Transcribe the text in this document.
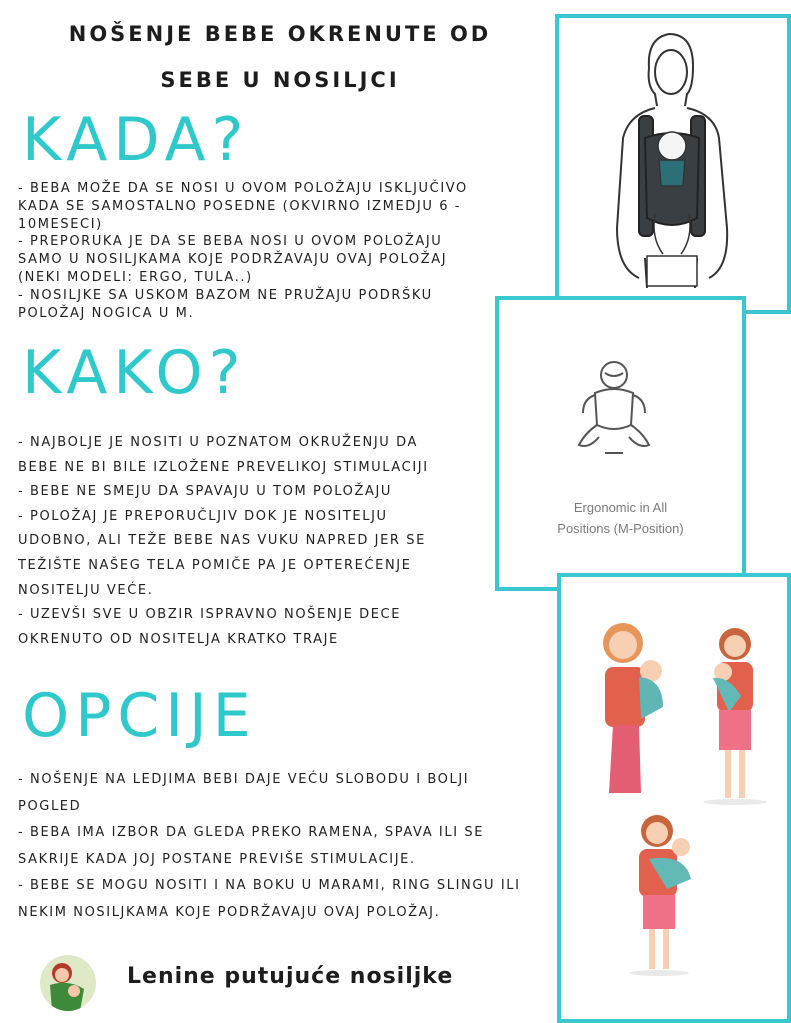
NOŠENJE BEBE OKRENUTE OD
SEBE U NOSILJCI
KADA?
- BEBA MOŽE DA SE NOSI U OVOM POLOŽAJU ISKLJUČIVO
KADA SE SAMOSTALNO POSEDNE (OKVIRNO IZMEDJU 6 -
10MESECI)
- PREPORUKA JE DA SE BEBA NOSI U OVOM POLOŽAJU
SAMO U NOSILJKAMA KOJE PODRŽAVAJU OVAJ POLOŽAJ
(NEKI MODELI: ERGO, TULA..)
- NOSILJKE SA USKOM BAZOM NE PRUŽAJU PODRŠKU
POLOŽAJ NOGICA U M.
KAKO?
- NAJBOLJE JE NOSITI U POZNATOM OKRUŽENJU DA
BEBE NE BI BILE IZLOŽENE PREVELIKOJ STIMULACIJI
- BEBE NE SMEJU DA SPAVAJU U TOM POLOŽAJU
- POLOŽAJ JE PREPORUČLJIV DOK JE NOSITELJU
UDOBNO, ALI TEŽE BEBE NAS VUKU NAPRED JER SE
TEŽIŠTE NAŠEG TELA POMIČE PA JE OPTEREĆENJE
NOSITELJU VEĆE.
- UZEVŠI SVE U OBZIR ISPRAVNO NOŠENJE DECE
OKRENUTO OD NOSITELJA KRATKO TRAJE
OPCIJE
- NOŠENJE NA LEDJIMA BEBI DAJE VEĆU SLOBODU I BOLJI
POGLED
- BEBA IMA IZBOR DA GLEDA PREKO RAMENA, SPAVA ILI SE
SAKRIJE KADA JOJ POSTANE PREVIŠE STIMULACIJE.
- BEBE SE MOGU NOSITI I NA BOKU U MARAMI, RING SLINGU ILI
NEKIM NOSILJKAMA KOJE PODRŽAVAJU OVAJ POLOŽAJ.
Ergonomic in All
Positions (M-Position)
Lenine putujuće nosiljke
